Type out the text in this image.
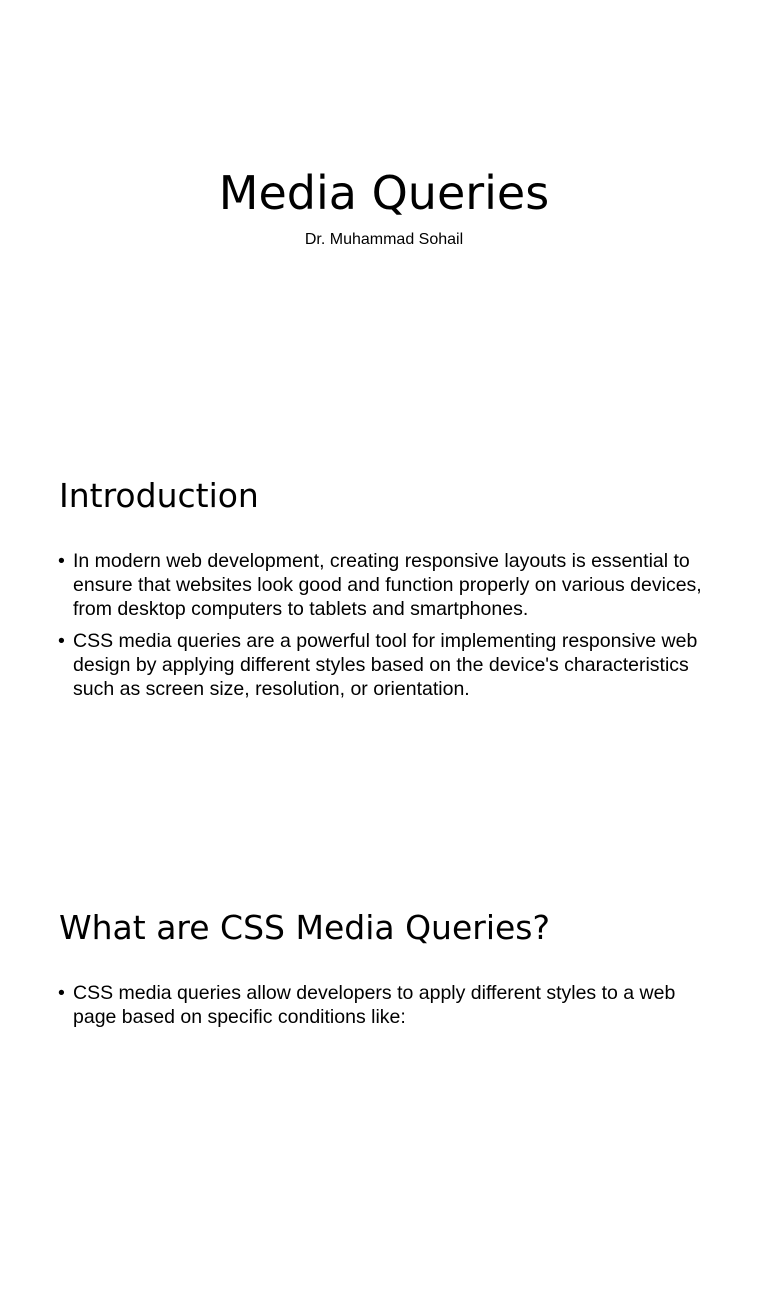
Media Queries

Dr. Muhammad Sohail

Introduction
• In modern web development, creating responsive layouts is essential to ensure that websites look good and function properly on various devices, from desktop computers to tablets and smartphones.
• CSS media queries are a powerful tool for implementing responsive web design by applying different styles based on the device's characteristics such as screen size, resolution, or orientation.
What are CSS Media Queries?
• CSS media queries allow developers to apply different styles to a web page based on specific conditions like:
